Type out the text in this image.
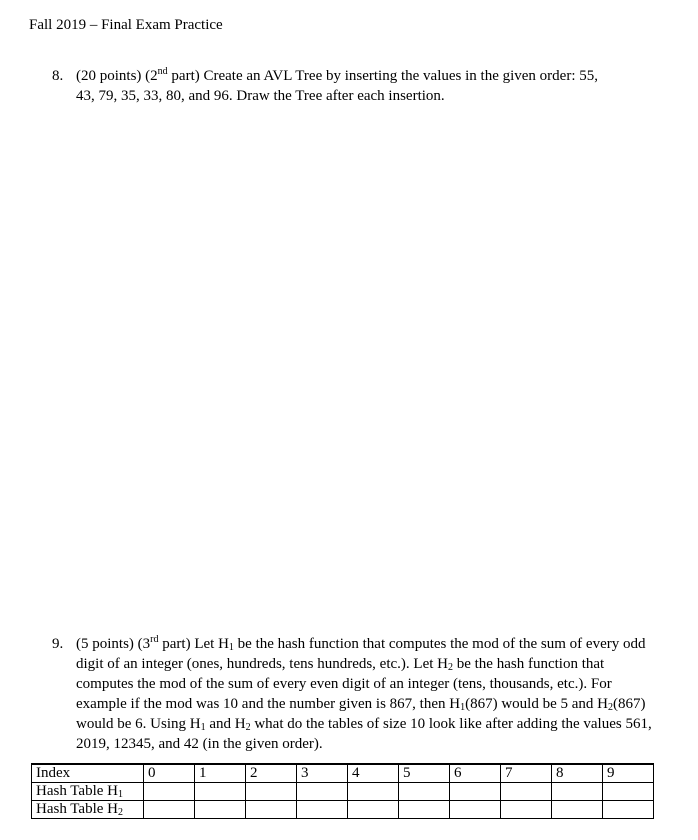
Fall 2019 – Final Exam Practice
8. (20 points) (2nd part) Create an AVL Tree by inserting the values in the given order: 55,
43, 79, 35, 33, 80, and 96. Draw the Tree after each insertion.
9. (5 points) (3rd part) Let $H_1$ be the hash function that computes the mod of the sum of every odd digit of an integer (ones, hundreds, tens hundreds, etc.). Let $H_2$ be the hash function that computes the mod of the sum of every even digit of an integer (tens, thousands, etc.). For example if the mod was 10 and the number given is 867, then $H_1(867)$ would be 5 and $H_2(867)$ would be 6. Using $H_1$ and $H_2$ what do the tables of size 10 look like after adding the values 561, 2019, 12345, and 42 (in the given order).
Index	0	1	2	3	4	5	6	7	8	9
Hash Table $H_1$										
Hash Table $H_2$										
